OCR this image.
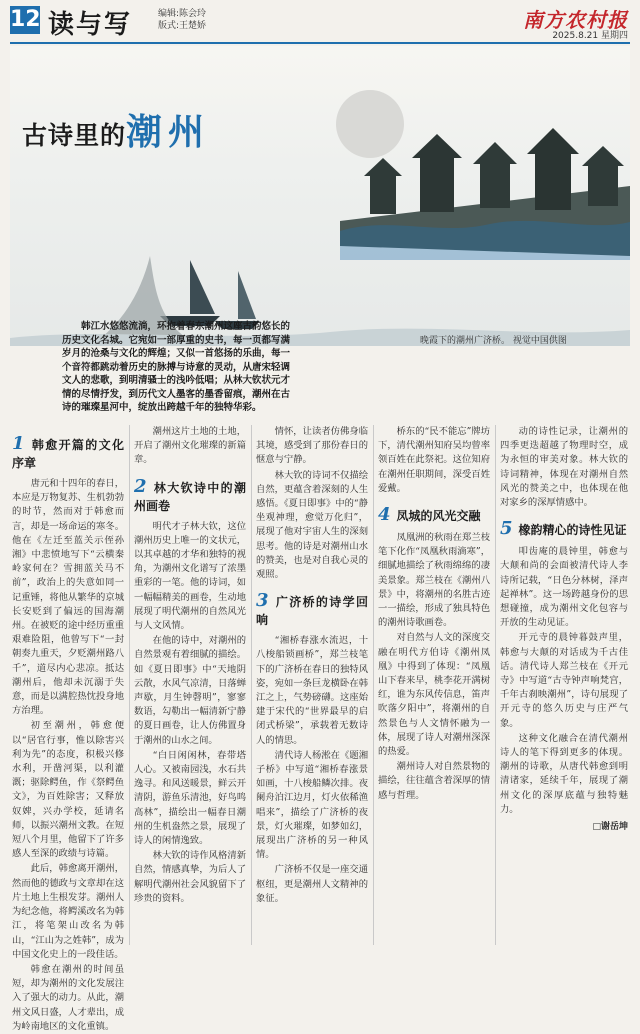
12 读与写	编辑:陈会玲
版式:王楚娇	南方农村报
2025.8.21 星期四
古诗里的潮州
晚霞下的潮州广济桥。 视觉中国供图
韩江水悠悠流淌，环抱着春东潮州这座古韵悠长的历史文化名城。它宛如一部厚重的史书，每一页都写满岁月的沧桑与文化的辉煌；又似一首悠扬的乐曲，每一个音符都跳动着历史的脉搏与诗意的灵动，从唐宋轻调文人的悲歌，到明清骚士的浅吟低唱；从林大钦状元才情的尽情抒发，到历代文人墨客的墨香留痕，潮州在古诗的璀璨星河中，绽放出跨越千年的独特华彩。
1 韩愈开篇的文化序章

唐元和十四年的春日，本应是万物复苏、生机勃勃的时节，然而对于韩愈而言，却是一场命运的寒冬。他在《左迁至蓝关示侄孙湘》中悲愤地写下“云横秦岭家何在？雪拥蓝关马不前”，政治上的失意如同一记重锤，将他从繁华的京城长安贬到了偏远的国海潮州。在被贬的途中经历重重艰难险阻，他曾写下“一封朝奏九重天，夕贬潮州路八千”，道尽内心悲凉。抵达潮州后，他却未沉溺于失意，而是以满腔热忱投身地方治理。

初至潮州，韩愈便以“居官行事，惟以除害兴利为先”的态度，积极兴修水利，开凿河渠，以利灌溉；驱除鳄鱼，作《祭鳄鱼文》，为百姓除害；又释放奴婢，兴办学校，延请名师，以振兴潮州文教。在短短八个月里，他留下了许多感人至深的政绩与诗篇。

此后，韩愈离开潮州，然而他的德政与文章却在这片土地上生根发芽。潮州人为纪念他，将鳄溪改名为韩江，将笔架山改名为韩山，“江山为之姓韩”，成为中国文化史上的一段佳话。

韩愈在潮州的时间虽短，却为潮州的文化发展注入了强大的动力。从此，潮州文风日盛，人才辈出，成为岭南地区的文化重镇。

潮州这片土地的土地，开启了潮州文化璀璨的新篇章。

2 林大钦诗中的潮州画卷

明代才子林大钦，这位潮州历史上唯一的文状元，以其卓越的才华和独特的视角，为潮州文化谱写了浓墨重彩的一笔。他的诗词，如一幅幅精美的画卷，生动地展现了明代潮州的自然风光与人文风情。

在他的诗中，对潮州的自然景观有着细腻的描绘。如《夏日即事》中“天地阴云散，水风气凉清，日落蝉声歇，月生钟磬明”，寥寥数语，勾勒出一幅清新宁静的夏日画卷，让人仿佛置身于潮州的山水之间。

“白日闲闲林，春带塔人心。又被南园浅，水石共逸寻。和风送暖景，鲜云开清阴，游鱼乐清池，好鸟鸣高林”，描绘出一幅春日潮州的生机盎然之景，展现了诗人的闲情逸致。

林大钦的诗作风格清新自然，情感真挚，为后人了解明代潮州社会风貌留下了珍贵的资料。

情怀，让读者仿佛身临其境，感受到了那份春日的惬意与宁静。

林大钦的诗词不仅描绘自然，更蕴含着深刻的人生感悟。《夏日即事》中的“静坐观神理，愈觉万化归”，展现了他对宇宙人生的深刻思考。他的诗是对潮州山水的赞美，也是对自我心灵的观照。

3 广济桥的诗学回响

“湘桥春涨水流迟，十八梭船锁画桥”，郑兰枝笔下的广济桥在春日的独特风姿，宛如一条巨龙横卧在韩江之上，气势磅礴。这座始建于宋代的“世界最早的启闭式桥梁”，承载着无数诗人的情思。

清代诗人杨淞在《题湘子桥》中写道“湘桥春涨景如画，十八梭船鳞次排。夜阑舟泊江边月，灯火依稀渔唱来”，描绘了广济桥的夜景，灯火璀璨，如梦如幻，展现出广济桥的另一种风情。

广济桥不仅是一座交通枢纽，更是潮州人文精神的象征。

桥东的“民不能忘”牌坊下，清代潮州知府吴均曾率领百姓在此祭祀。这位知府在潮州任职期间，深受百姓爱戴。

4 凤城的风光交融

凤凰洲的秋雨在郑兰枝笔下化作“凤凰秋雨滴寒”，细腻地描绘了秋雨绵绵的凄美景象。郑兰枝在《潮州八景》中，将潮州的名胜古迹一一描绘，形成了独具特色的潮州诗歌画卷。

对自然与人文的深度交融在明代方伯诗《潮州凤凰》中得到了体现：“凤凰山下春来早，桃李花开满树红，谁为东风传信息，笛声吹落夕阳中”，将潮州的自然景色与人文情怀融为一体，展现了诗人对潮州深深的热爱。

潮州诗人对自然景物的描绘，往往蕴含着深厚的情感与哲理。

动的诗性记录，让潮州的四季更迭超越了物理时空，成为永恒的审美对象。林大钦的诗词精神，体现在对潮州自然风光的赞美之中，也体现在他对家乡的深厚情感中。

5 橡韵精心的诗性见证

叩齿庵的晨钟里，韩愈与大颠和尚的会面被清代诗人李诗所记载，“日色分林树，泽声起禅林”。这一场跨越身份的思想碰撞，成为潮州文化包容与开放的生动见证。

开元寺的晨钟暮鼓声里，韩愈与大颠的对话成为千古佳话。清代诗人郑兰枝在《开元寺》中写道“古寺钟声响梵宫，千年古刹映潮州”，诗句展现了开元寺的悠久历史与庄严气象。

这种文化融合在清代潮州诗人的笔下得到更多的体现。潮州的诗歌，从唐代韩愈到明清诸家，延续千年，展现了潮州文化的深厚底蕴与独特魅力。

□谢岳坤
